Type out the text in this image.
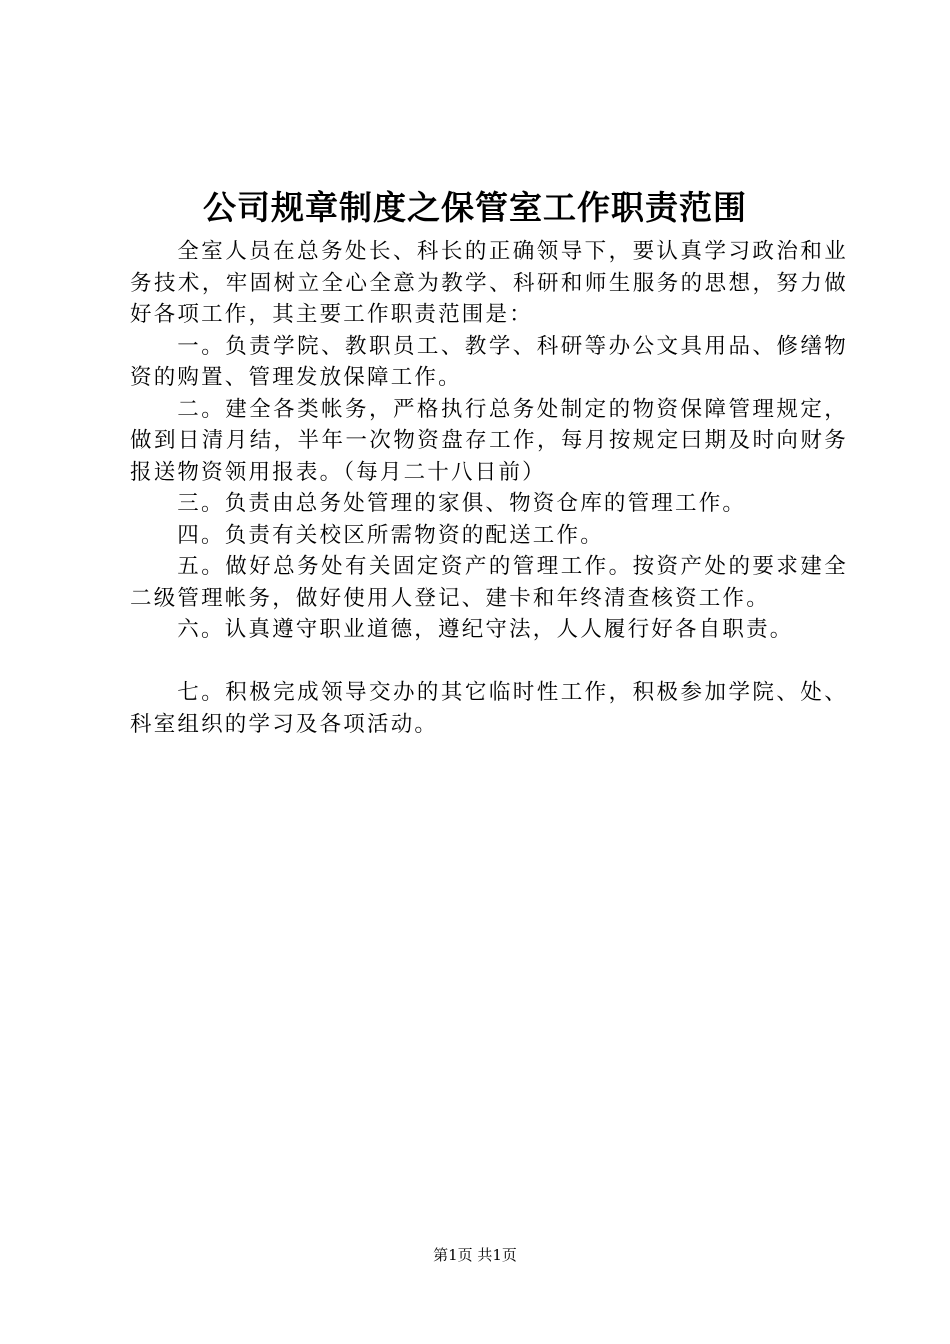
公司规章制度之保管室工作职责范围

全室人员在总务处长、科长的正确领导下，要认真学习政治和业务技术，牢固树立全心全意为教学、科研和师生服务的思想，努力做好各项工作，其主要工作职责范围是：

一。负责学院、教职员工、教学、科研等办公文具用品、修缮物资的购置、管理发放保障工作。

二。建全各类帐务，严格执行总务处制定的物资保障管理规定，做到日清月结，半年一次物资盘存工作，每月按规定曰期及时向财务报送物资领用报表。（每月二十八日前）

三。负责由总务处管理的家俱、物资仓库的管理工作。

四。负责有关校区所需物资的配送工作。

五。做好总务处有关固定资产的管理工作。按资产处的要求建全二级管理帐务，做好使用人登记、建卡和年终清查核资工作。

六。认真遵守职业道德，遵纪守法，人人履行好各自职责。

七。积极完成领导交办的其它临时性工作，积极参加学院、处、科室组织的学习及各项活动。

第1页 共1页
